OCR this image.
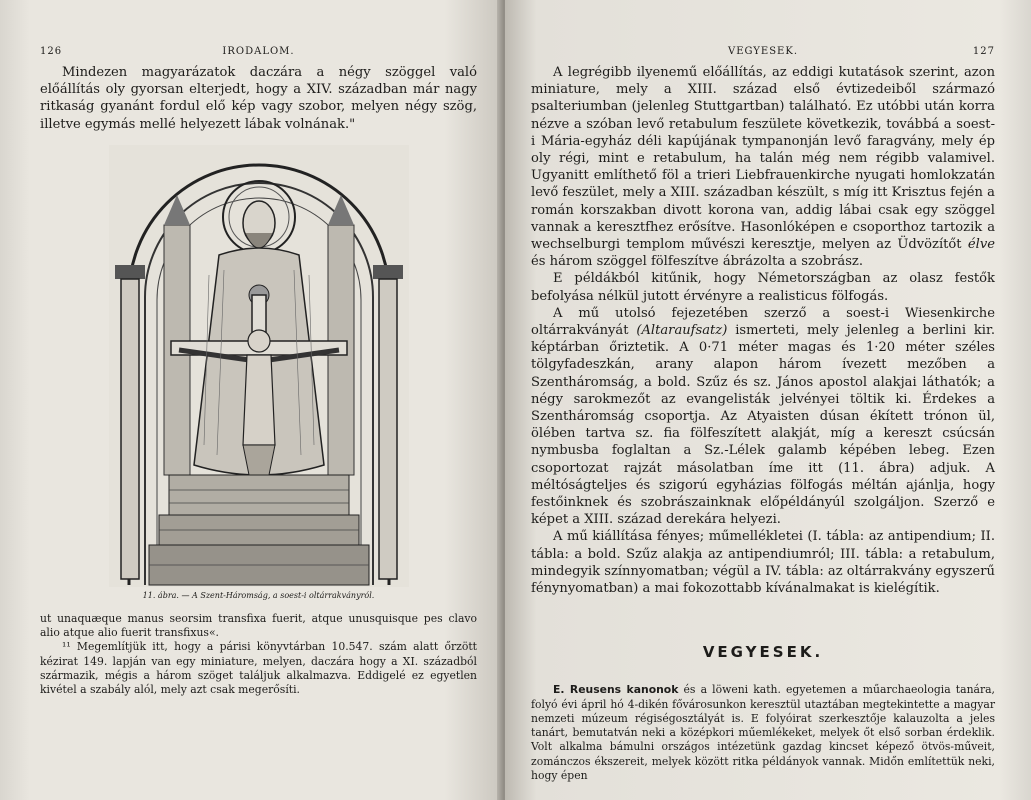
126	IRODALOM.

Mindezen magyarázatok daczára a négy szöggel való előállítás oly gyorsan elterjedt, hogy a XIV. században már nagy ritkaság gyanánt fordul elő kép vagy szobor, melyen négy szög, illetve egymás mellé helyezett lábak volnának."

11. ábra. — A Szent-Háromság, a soest-i oltárrakványról.

ut unaquæque manus seorsim transfixa fuerit, atque unusquisque pes clavo alio atque alio fuerit transfixus«.

¹¹ Megemlítjük itt, hogy a párisi könyvtárban 10.547. szám alatt őrzött kézirat 149. lapján van egy miniature, melyen, daczára hogy a XI. századból származik, mégis a három szöget találjuk alkalmazva. Eddigelé ez egyetlen kivétel a szabály alól, mely azt csak megerősíti.

VEGYESEK.	127

A legrégibb ilyenemű előállítás, az eddigi kutatások szerint, azon miniature, mely a XIII. század első évtizedeiből származó psalteriumban (jelenleg Stuttgartban) található. Ez utóbbi után korra nézve a szóban levő retabulum feszülete következik, továbbá a soest-i Mária-egyház déli kapújának tympanonján levő faragvány, mely ép oly régi, mint e retabulum, ha talán még nem régibb valamivel. Ugyanitt említhető föl a trieri Liebfrauenkirche nyugati homlokzatán levő feszület, mely a XIII. században készült, s míg itt Krisztus fején a román korszakban divott korona van, addig lábai csak egy szöggel vannak a keresztfhez erősítve. Hasonlóképen e csoporthoz tartozik a wechselburgi templom művészi keresztje, melyen az Üdvözítőt élve és három szöggel fölfeszítve ábrázolta a szobrász.

E példákból kitűnik, hogy Németországban az olasz festők befolyása nélkül jutott érvényre a realisticus fölfogás.

A mű utolsó fejezetében szerző a soest-i Wiesenkirche oltárrakványát (Altaraufsatz) ismerteti, mely jelenleg a berlini kir. képtárban őriztetik. A 0·71 méter magas és 1·20 méter széles tölgyfadeszkán, arany alapon három ívezett mezőben a Szentháromság, a bold. Szűz és sz. János apostol alakjai láthatók; a négy sarokmezőt az evangelisták jelvényei töltik ki. Érdekes a Szentháromság csoportja. Az Atyaisten dúsan ékített trónon ül, ölében tartva sz. fia fölfeszített alakját, míg a kereszt csúcsán nymbusba foglaltan a Sz.-Lélek galamb képében lebeg. Ezen csoportozat rajzát másolatban íme itt (11. ábra) adjuk. A méltóságteljes és szigorú egyházias fölfogás méltán ajánlja, hogy festőinknek és szobrászainknak előpéldányúl szolgáljon. Szerző e képet a XIII. század derekára helyezi.

A mű kiállítása fényes; műmellékletei (I. tábla: az antipendium; II. tábla: a bold. Szűz alakja az antipendiumról; III. tábla: a retabulum, mindegyik színnyomatban; végül a IV. tábla: az oltárrakvány egyszerű fénynyomatban) a mai fokozottabb kívánalmakat is kielégítik.

VEGYESEK.

E. Reusens kanonok és a löweni kath. egyetemen a műarchaeologia tanára, folyó évi ápril hó 4-dikén fővárosunkon keresztül utaztában megtekintette a magyar nemzeti múzeum régiségosztályát is. E folyóirat szerkesztője kalauzolta a jeles tanárt, bemutatván neki a középkori műemlékeket, melyek őt első sorban érdeklik. Volt alkalma bámulni országos intézetünk gazdag kincset képező ötvös-műveit, zománczos ékszereit, melyek között ritka példányok vannak. Midőn említettük neki, hogy épen
